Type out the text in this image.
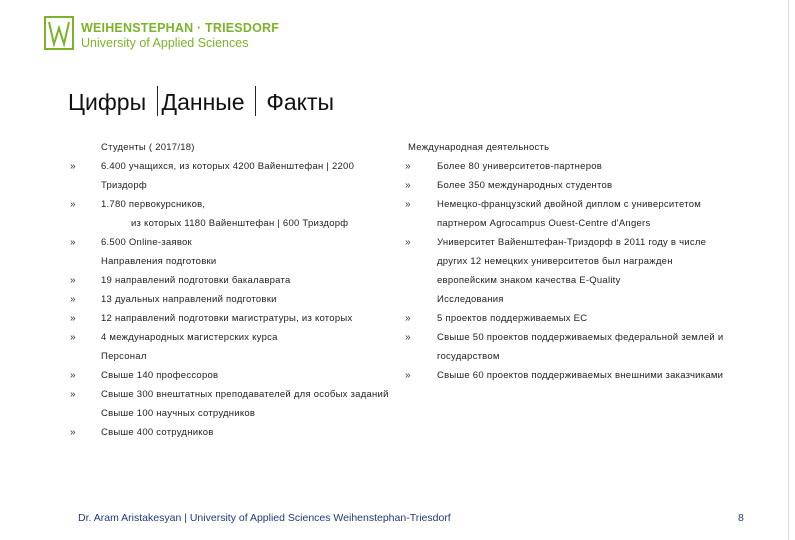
WEIHENSTEPHAN · TRIESDORF
University of Applied Sciences
Цифры Данные Факты
Студенты ( 2017/18)
»	6.400 учащихся, из которых 4200 Вайенштефан | 2200
Триздорф
»	1.780 первокурсников,
из которых 1180 Вайенштефан | 600 Триздорф
»	6.500 Online-заявок
Направления подготовки
»	19 направлений подготовки бакалаврата
»	13 дуальных направлений подготовки
»	12 направлений подготовки магистратуры, из которых
»	4 международных магистерских курса
Персонал
»	Свыше 140 профессоров
»	Свыше 300 внештатных преподавателей для особых заданий
Свыше 100 научных сотрудников
»	Свыше 400 сотрудников
Международная деятельность
»	Более 80 университетов-партнеров
»	Более 350 международных студентов
»	Немецко-французский двойной диплом с университетом
партнером Agrocampus Ouest-Centre d'Angers
»	Университет Вайенштефан-Триздорф в 2011 году в числе
других 12 немецких университетов был награжден
европейским знаком качества E-Quality
Исследования
»	5 проектов поддерживаемых ЕС
»	Свыше 50 проектов поддерживаемых федеральной землей и
государством
»	Свыше 60 проектов поддерживаемых внешними заказчиками
Dr. Aram Aristakesyan | University of Applied Sciences Weihenstephan-Triesdorf	8
